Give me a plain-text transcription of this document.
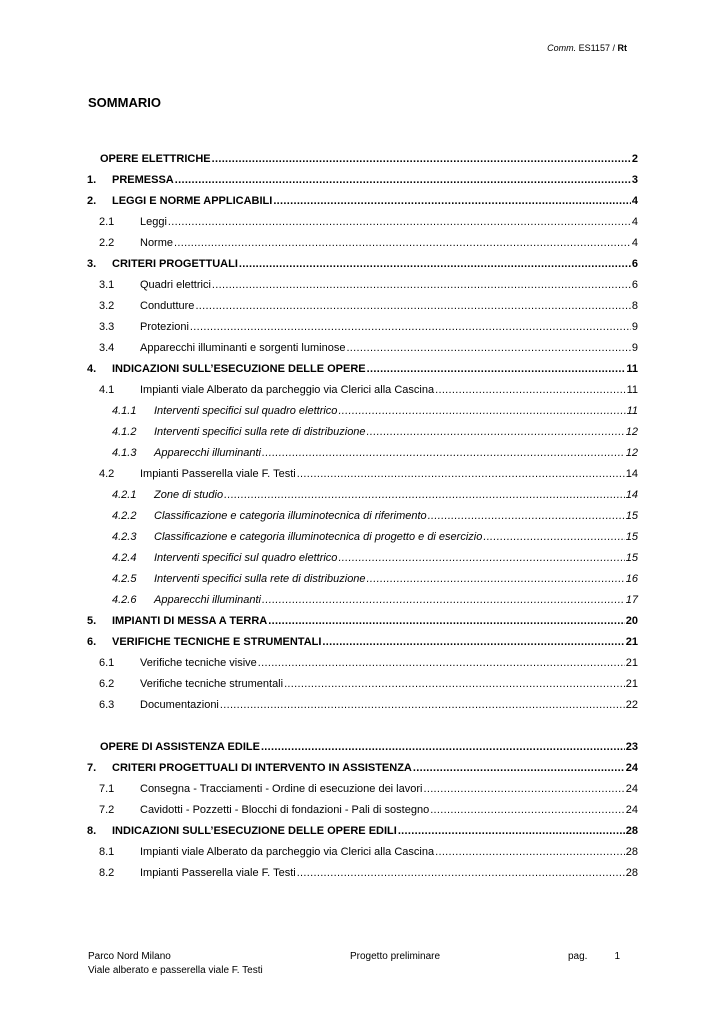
Comm. ES1157 / Rt
SOMMARIO
OPERE ELETTRICHE .....	2
1.	PREMESSA .....	3
2.	LEGGI E NORME APPLICABILI .....	4
2.1	Leggi .....	4
2.2	Norme .....	4
3.	CRITERI PROGETTUALI .....	6
3.1	Quadri elettrici .....	6
3.2	Condutture .....	8
3.3	Protezioni .....	9
3.4	Apparecchi illuminanti e sorgenti luminose .....	9
4.	INDICAZIONI SULL’ESECUZIONE DELLE OPERE .....	11
4.1	Impianti viale Alberato da parcheggio via Clerici alla Cascina .....	11
4.1.1	Interventi specifici sul quadro elettrico .....	11
4.1.2	Interventi specifici sulla rete di distribuzione .....	12
4.1.3	Apparecchi illuminanti .....	12
4.2	Impianti Passerella viale F. Testi .....	14
4.2.1	Zone di studio .....	14
4.2.2	Classificazione e categoria illuminotecnica di riferimento .....	15
4.2.3	Classificazione e categoria illuminotecnica di progetto e di esercizio .....	15
4.2.4	Interventi specifici sul quadro elettrico .....	15
4.2.5	Interventi specifici sulla rete di distribuzione .....	16
4.2.6	Apparecchi illuminanti .....	17
5.	IMPIANTI DI MESSA A TERRA .....	20
6.	VERIFICHE TECNICHE E STRUMENTALI .....	21
6.1	Verifiche tecniche visive .....	21
6.2	Verifiche tecniche strumentali .....	21
6.3	Documentazioni .....	22
OPERE DI ASSISTENZA EDILE .....	23
7.	CRITERI PROGETTUALI DI INTERVENTO IN ASSISTENZA .....	24
7.1	Consegna - Tracciamenti - Ordine di esecuzione dei lavori .....	24
7.2	Cavidotti - Pozzetti - Blocchi di fondazioni - Pali di sostegno .....	24
8.	INDICAZIONI SULL’ESECUZIONE DELLE OPERE EDILI .....	28
8.1	Impianti viale Alberato da parcheggio via Clerici alla Cascina .....	28
8.2	Impianti Passerella viale F. Testi .....	28
Parco Nord Milano
Viale alberato e passerella viale F. Testi
Progetto preliminare	pag.	1
